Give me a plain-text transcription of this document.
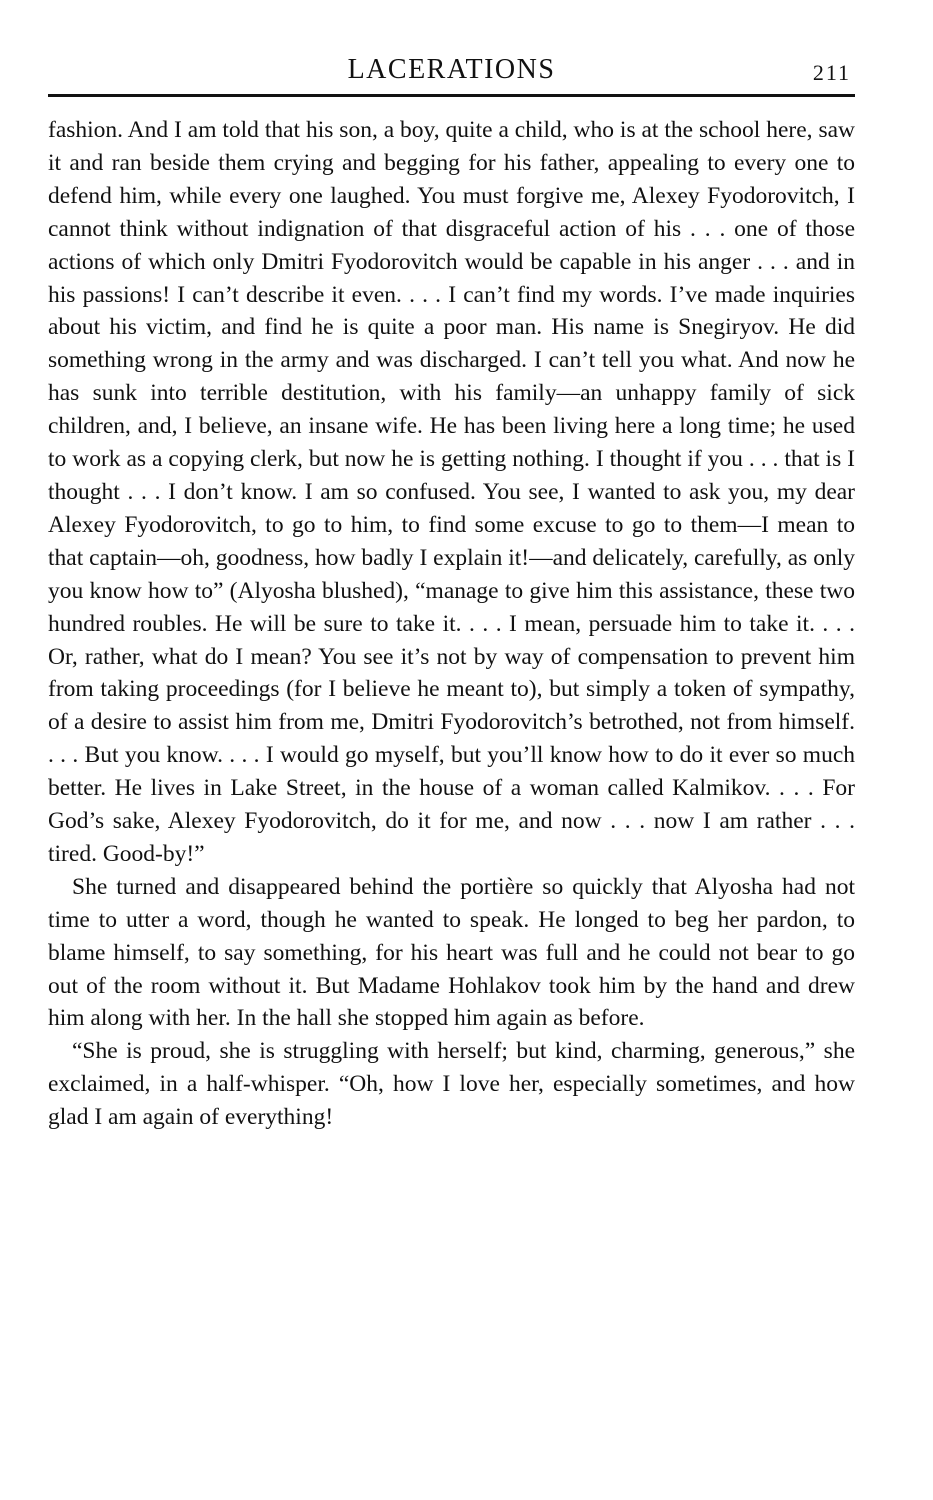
LACERATIONS	211

fashion. And I am told that his son, a boy, quite a child, who is at the school here, saw it and ran beside them crying and begging for his father, appealing to every one to defend him, while every one laughed. You must forgive me, Alexey Fyodorovitch, I cannot think without indignation of that disgraceful action of his . . . one of those actions of which only Dmitri Fyodorovitch would be capable in his anger . . . and in his passions! I can’t describe it even. . . . I can’t find my words. I’ve made inquiries about his victim, and find he is quite a poor man. His name is Snegiryov. He did something wrong in the army and was discharged. I can’t tell you what. And now he has sunk into terrible destitution, with his family—an unhappy family of sick children, and, I believe, an insane wife. He has been living here a long time; he used to work as a copying clerk, but now he is getting nothing. I thought if you . . . that is I thought . . . I don’t know. I am so confused. You see, I wanted to ask you, my dear Alexey Fyodorovitch, to go to him, to find some excuse to go to them—I mean to that captain—oh, goodness, how badly I explain it!—and delicately, carefully, as only you know how to” (Alyosha blushed), “manage to give him this assistance, these two hundred roubles. He will be sure to take it. . . . I mean, persuade him to take it. . . . Or, rather, what do I mean? You see it’s not by way of compensation to prevent him from taking proceedings (for I believe he meant to), but simply a token of sympathy, of a desire to assist him from me, Dmitri Fyodorovitch’s betrothed, not from himself. . . . But you know. . . . I would go myself, but you’ll know how to do it ever so much better. He lives in Lake Street, in the house of a woman called Kalmikov. . . . For God’s sake, Alexey Fyodorovitch, do it for me, and now . . . now I am rather . . . tired. Good-by!”

She turned and disappeared behind the portière so quickly that Alyosha had not time to utter a word, though he wanted to speak. He longed to beg her pardon, to blame himself, to say something, for his heart was full and he could not bear to go out of the room without it. But Madame Hohlakov took him by the hand and drew him along with her. In the hall she stopped him again as before.

“She is proud, she is struggling with herself; but kind, charming, generous,” she exclaimed, in a half-whisper. “Oh, how I love her, especially sometimes, and how glad I am again of everything!
